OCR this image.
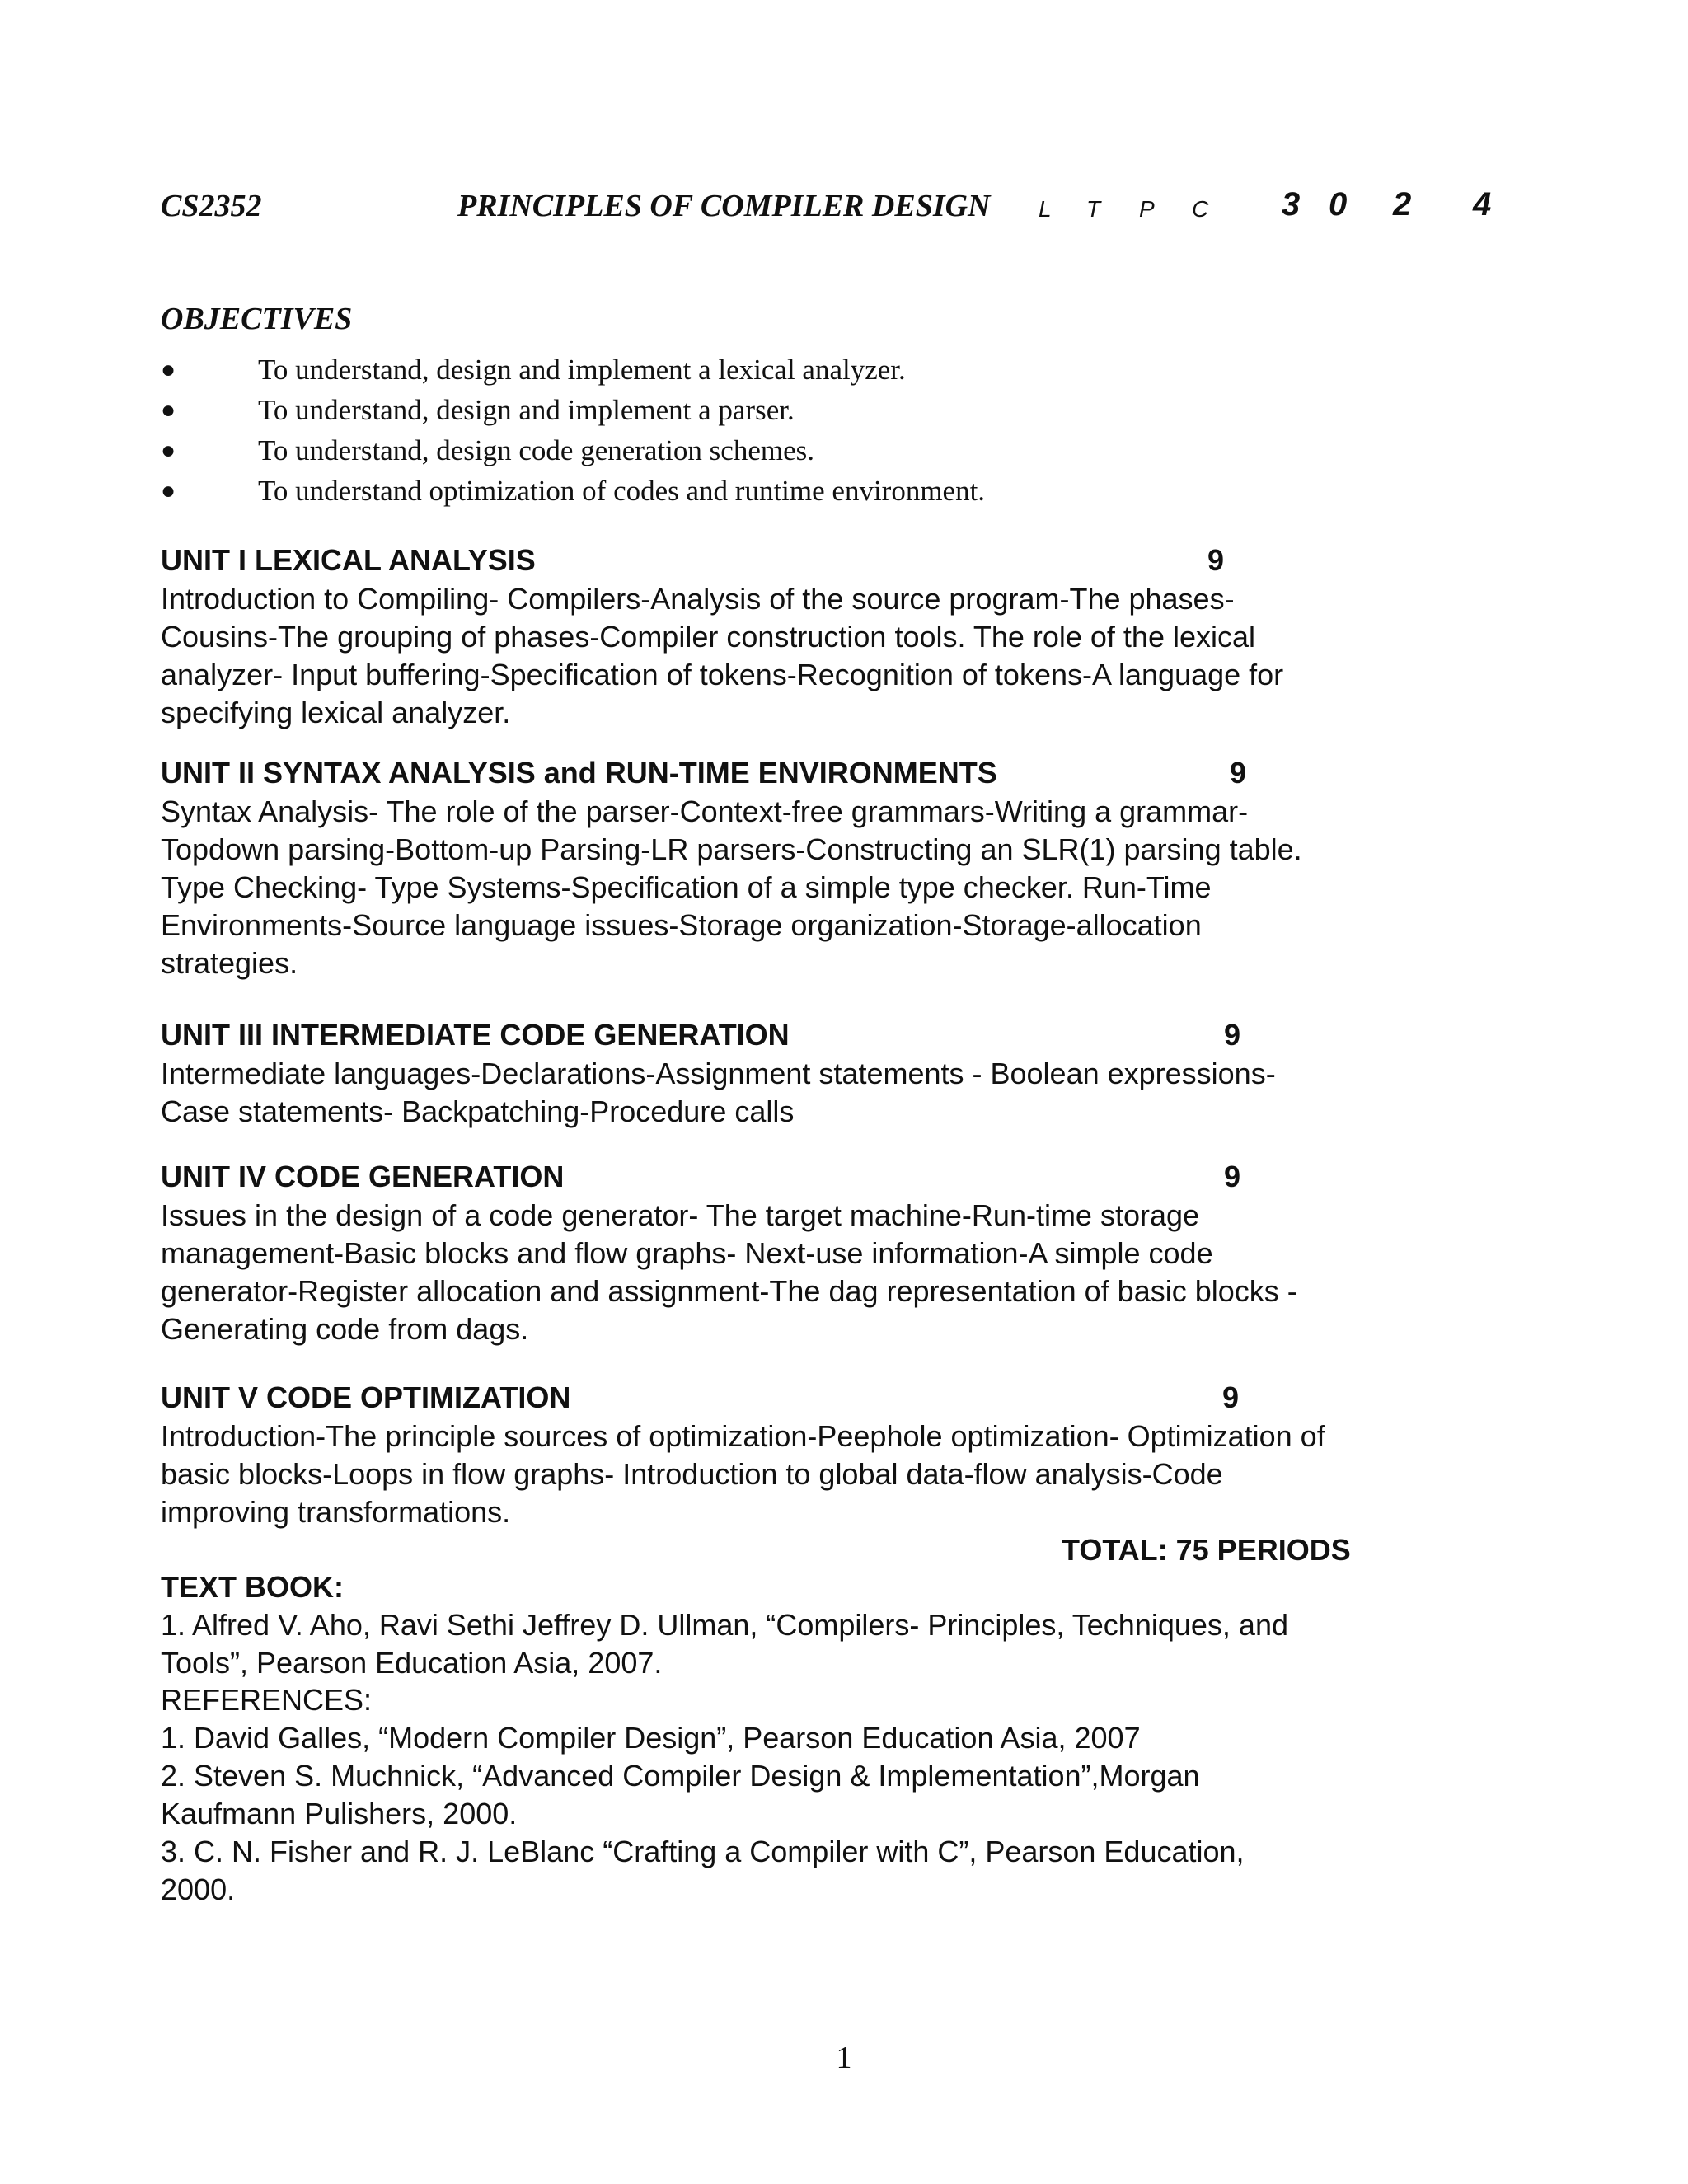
CS2352	PRINCIPLES OF COMPILER DESIGN L T P C 3 0 2 4
OBJECTIVES
●	To understand, design and implement a lexical analyzer.
●	To understand, design and implement a parser.
●	To understand, design code generation schemes.
●	To understand optimization of codes and runtime environment.
UNIT I LEXICAL ANALYSIS	9
Introduction to Compiling- Compilers-Analysis of the source program-The phases-
Cousins-The grouping of phases-Compiler construction tools. The role of the lexical
analyzer- Input buffering-Specification of tokens-Recognition of tokens-A language for
specifying lexical analyzer.
UNIT II SYNTAX ANALYSIS and RUN-TIME ENVIRONMENTS	9
Syntax Analysis- The role of the parser-Context-free grammars-Writing a grammar-
Topdown parsing-Bottom-up Parsing-LR parsers-Constructing an SLR(1) parsing table.
Type Checking- Type Systems-Specification of a simple type checker. Run-Time
Environments-Source language issues-Storage organization-Storage-allocation
strategies.
UNIT III INTERMEDIATE CODE GENERATION	9
Intermediate languages-Declarations-Assignment statements - Boolean expressions-
Case statements- Backpatching-Procedure calls
UNIT IV CODE GENERATION	9
Issues in the design of a code generator- The target machine-Run-time storage
management-Basic blocks and flow graphs- Next-use information-A simple code
generator-Register allocation and assignment-The dag representation of basic blocks -
Generating code from dags.
UNIT V CODE OPTIMIZATION	9
Introduction-The principle sources of optimization-Peephole optimization- Optimization of
basic blocks-Loops in flow graphs- Introduction to global data-flow analysis-Code
improving transformations.
TOTAL: 75 PERIODS
TEXT BOOK:
1. Alfred V. Aho, Ravi Sethi Jeffrey D. Ullman, “Compilers- Principles, Techniques, and
Tools”, Pearson Education Asia, 2007.
REFERENCES:
1. David Galles, “Modern Compiler Design”, Pearson Education Asia, 2007
2. Steven S. Muchnick, “Advanced Compiler Design & Implementation”,Morgan
Kaufmann Pulishers, 2000.
3. C. N. Fisher and R. J. LeBlanc “Crafting a Compiler with C”, Pearson Education,
2000.
1
